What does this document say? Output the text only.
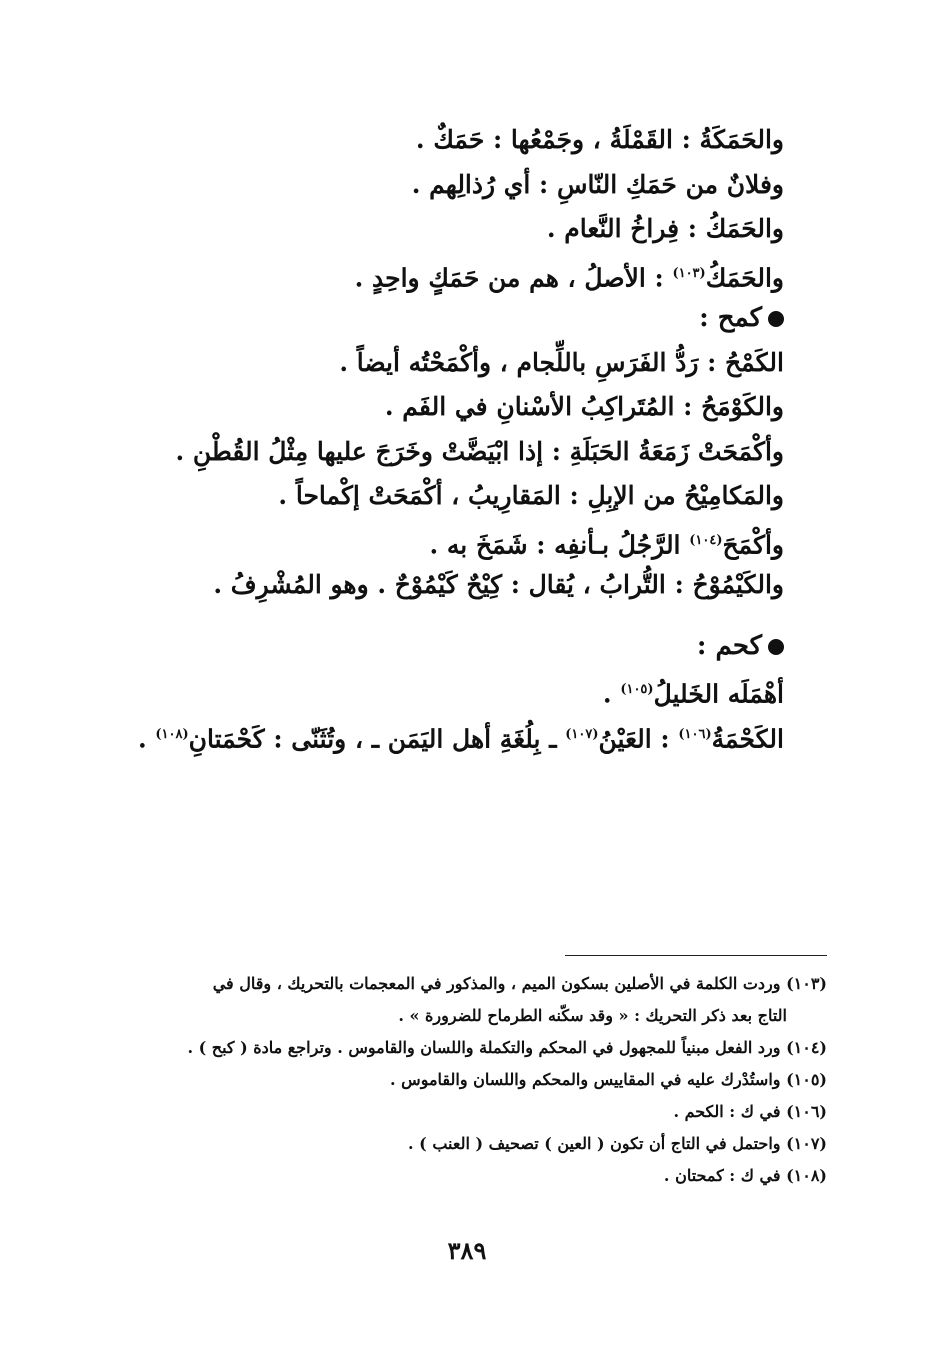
والحَمَكَةُ : القَمْلَةُ ، وجَمْعُها : حَمَكٌ .
وفلانٌ من حَمَكِ النّاسِ : أي رُذالِهم .
والحَمَكُ : فِراخُ النَّعام .
والحَمَكُ$^{(١٠٣)}$ : الأصلُ ، هم من حَمَكٍ واحِدٍ .
كمح :
الكَمْحُ : رَدُّ الفَرَسِ باللِّجام ، وأكْمَحْتُه أيضاً .
والكَوْمَحُ : المُتَراكِبُ الأسْنانِ في الفَم .
وأكْمَحَتْ زَمَعَةُ الحَبَلَةِ : إذا ابْيَضَّتْ وخَرَجَ عليها مِثْلُ القُطْنِ .
والمَكامِيْحُ من الإبِلِ : المَقارِيبُ ، أكْمَحَتْ إكْماحاً .
وأكْمَحَ$^{(١٠٤)}$ الرَّجُلُ بـأنفِه : شَمَخَ به .
والكَيْمُوْحُ : التُّرابُ ، يُقال : كِيْحٌ كَيْمُوْحٌ . وهو المُشْرِفُ .
كحم :
أهْمَلَه الخَليلُ$^{(١٠٥)}$ .
الكَحْمَةُ$^{(١٠٦)}$ : العَيْنُ$^{(١٠٧)}$ ـ بِلُغَةِ أهل اليَمَن ـ ، وتُثَنّى : كَحْمَتانِ$^{(١٠٨)}$ .
(١٠٣) وردت الكلمة في الأصلين بسكون الميم ، والمذكور في المعجمات بالتحريك ، وقال في
التاج بعد ذكر التحريك : « وقد سكّنه الطرماح للضرورة » .
(١٠٤) ورد الفعل مبنياً للمجهول في المحكم والتكملة واللسان والقاموس . وتراجع مادة ( كبح ) .
(١٠٥) واستُدْرك عليه في المقاييس والمحكم واللسان والقاموس .
(١٠٦) في ك : الكحم .
(١٠٧) واحتمل في التاج أن تكون ( العين ) تصحيف ( العنب ) .
(١٠٨) في ك : كمحتان .
٣٨٩
